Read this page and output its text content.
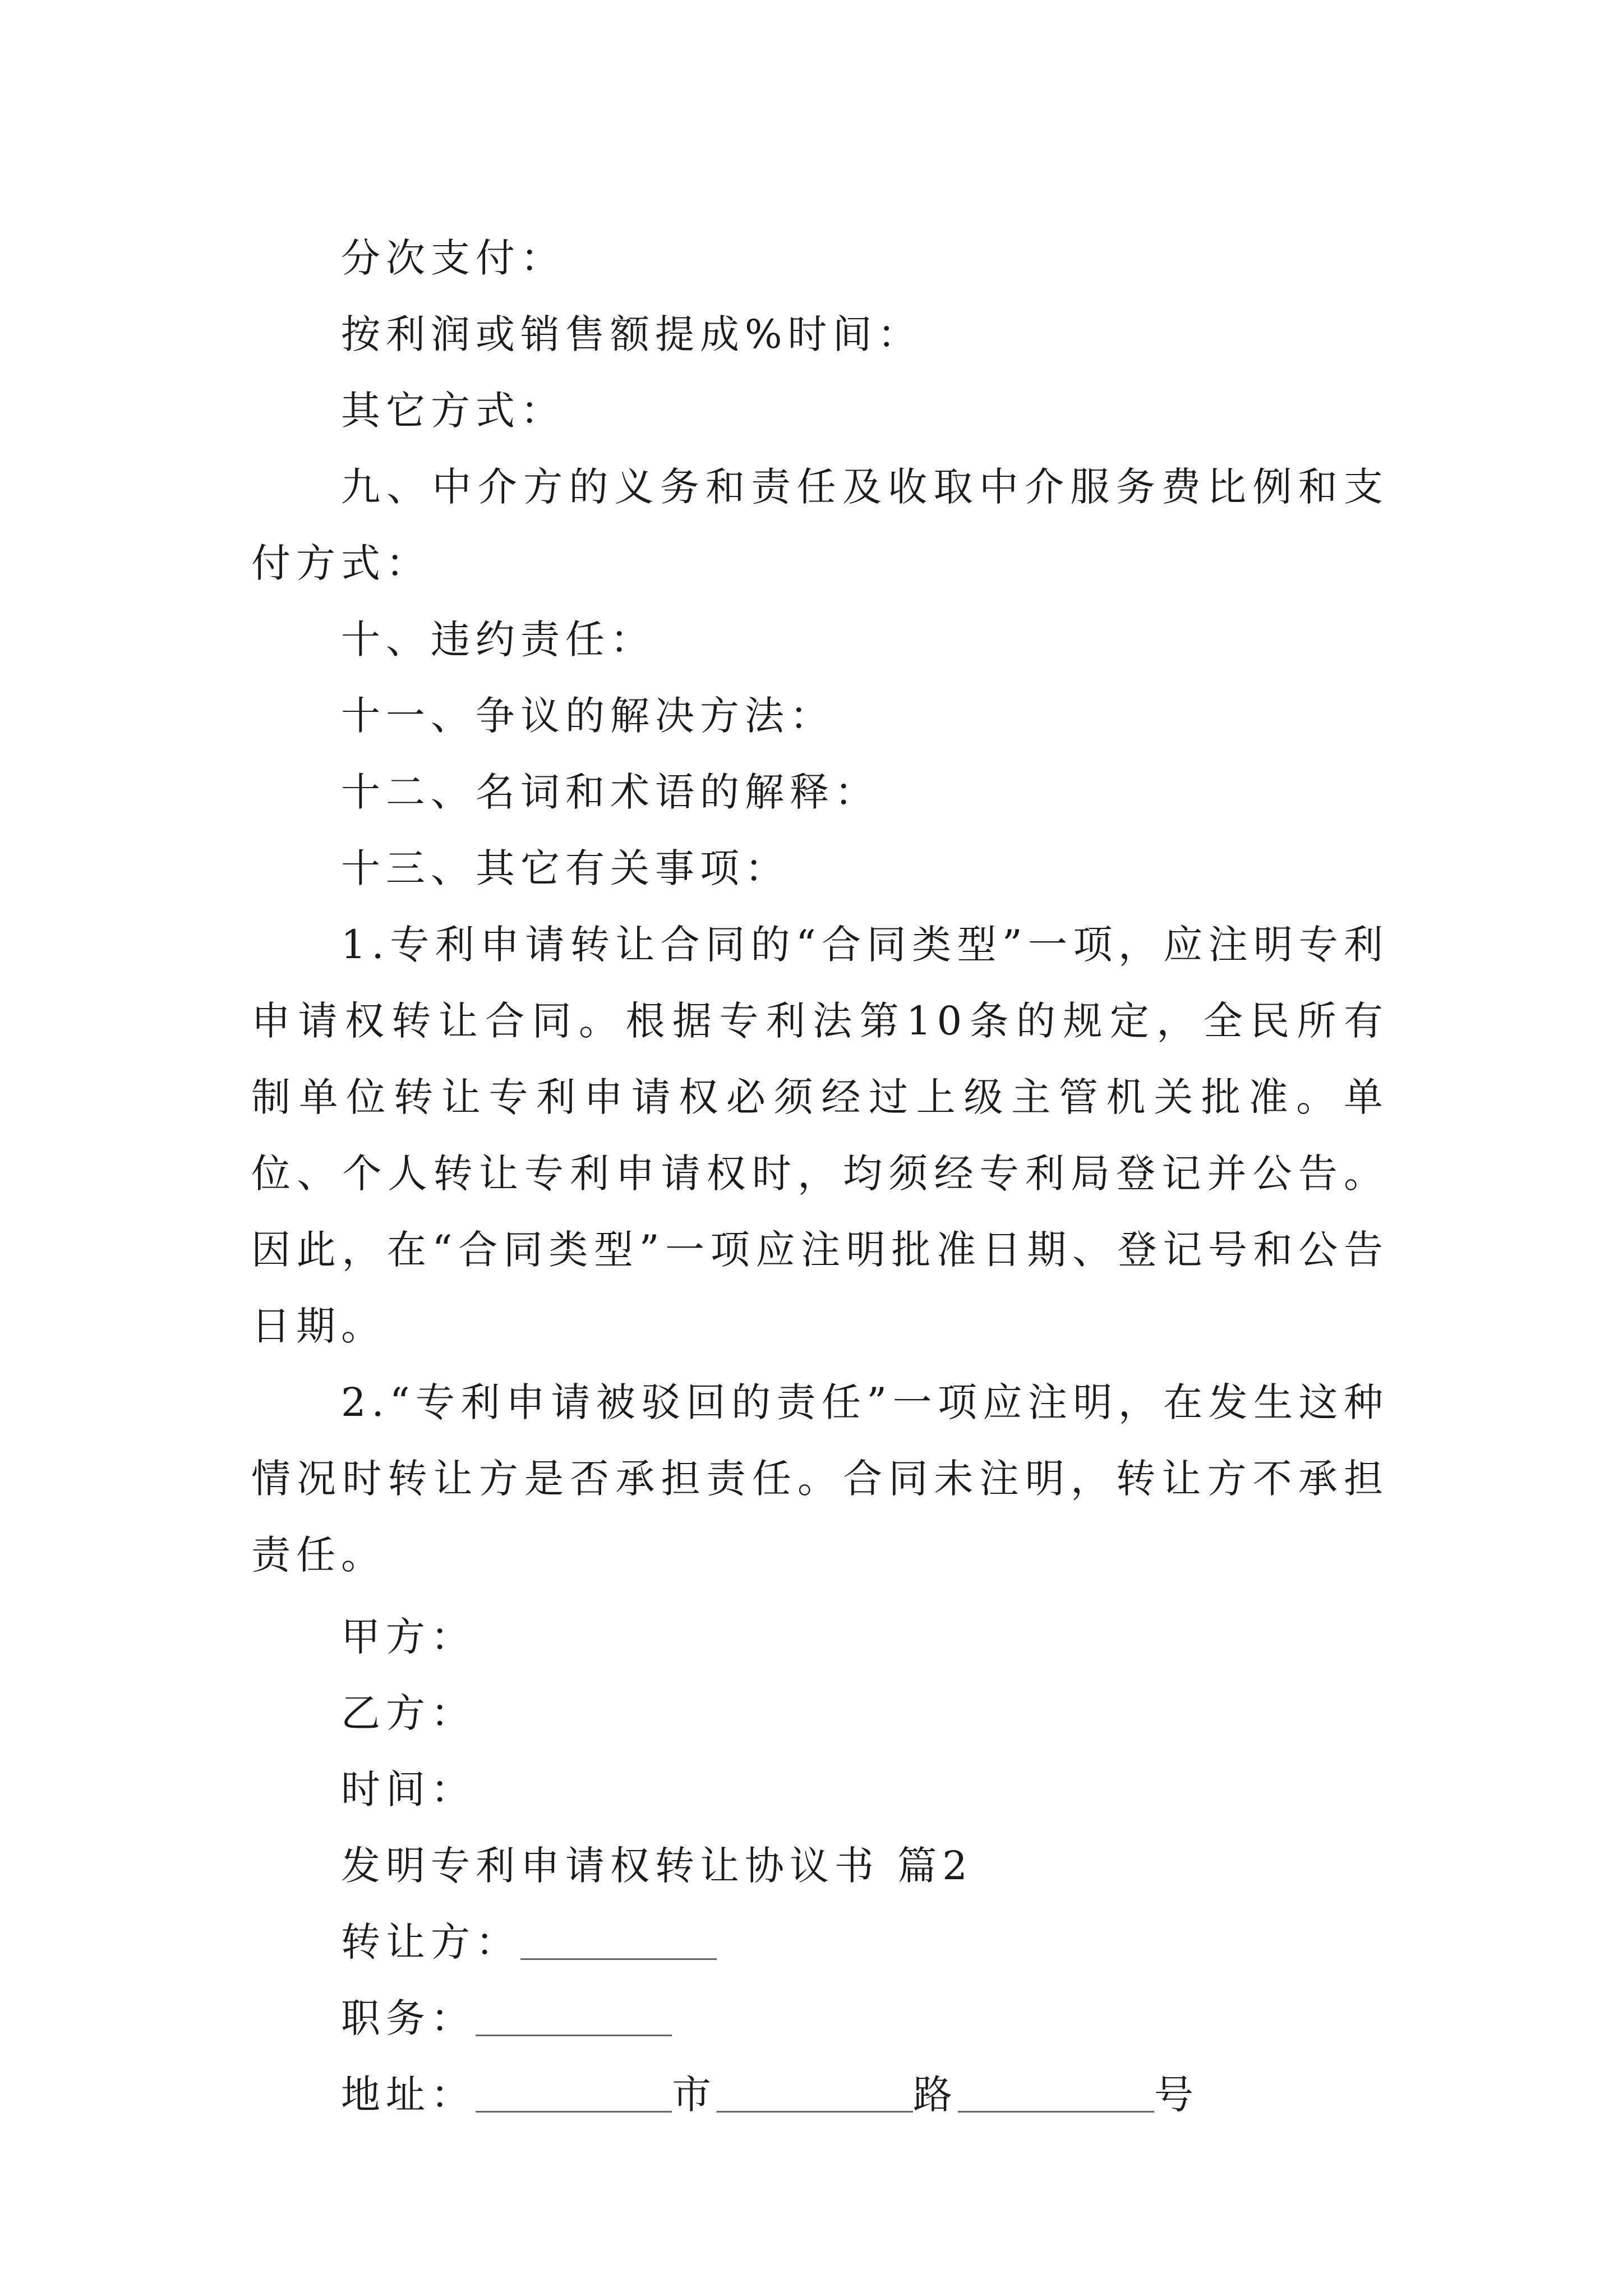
分次支付：
按利润或销售额提成%时间：
其它方式：
九、中介方的义务和责任及收取中介服务费比例和支付方式：
十、违约责任：
十一、争议的解决方法：
十二、名词和术语的解释：
十三、其它有关事项：
1.专利申请转让合同的“合同类型”一项，应注明专利申请权转让合同。根据专利法第10条的规定，全民所有制单位转让专利申请权必须经过上级主管机关批准。单位、个人转让专利申请权时，均须经专利局登记并公告。因此，在“合同类型”一项应注明批准日期、登记号和公告日期。
2.“专利申请被驳回的责任”一项应注明，在发生这种情况时转让方是否承担责任。合同未注明，转让方不承担责任。
甲方：
乙方：
时间：
发明专利申请权转让协议书 篇2
转让方：
职务：
地址：	市	路	号
